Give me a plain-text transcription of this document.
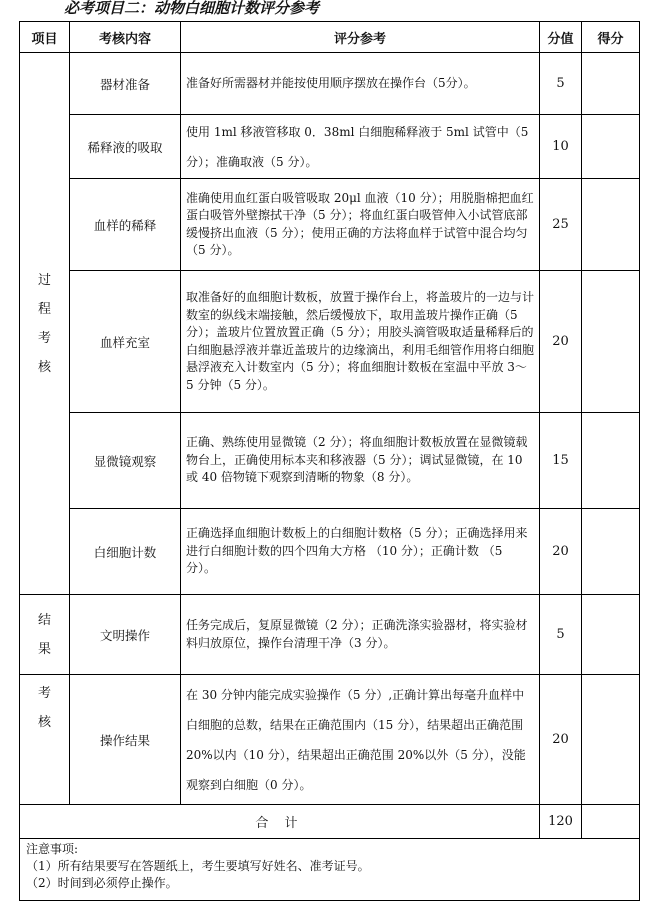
必考项目二：动物白细胞计数评分参考
项目	考核内容	评分参考	分值	得分

过
程
考
核	器材准备	准备好所需器材并能按使用顺序摆放在操作台（5分）。	5	
	稀释液的吸取	使用 1ml 移液管移取 0．38ml 白细胞稀释液于 5ml 试管中（5 分）；准确取液（5 分）。	10	
	血样的稀释	准确使用血红蛋白吸管吸取 20μl 血液（10 分）；用脱脂棉把血红蛋白吸管外壁擦拭干净（5 分）；将血红蛋白吸管伸入小试管底部缓慢挤出血液（5 分）；使用正确的方法将血样于试管中混合均匀（5 分）。	25	
	血样充室	取准备好的血细胞计数板，放置于操作台上，将盖玻片的一边与计数室的纵线末端接触，然后缓慢放下，取用盖玻片操作正确（5 分）；盖玻片位置放置正确（5 分）；用胶头滴管吸取适量稀释后的白细胞悬浮液并靠近盖玻片的边缘滴出，利用毛细管作用将白细胞悬浮液充入计数室内（5 分）；将血细胞计数板在室温中平放 3～5 分钟（5 分）。	20	
	显微镜观察	正确、熟练使用显微镜（2 分）；将血细胞计数板放置在显微镜载物台上，正确使用标本夹和移液器（5 分）；调试显微镜，在 10 或 40 倍物镜下观察到清晰的物象（8 分）。	15	
	白细胞计数	正确选择血细胞计数板上的白细胞计数格（5 分）；正确选择用来进行白细胞计数的四个四角大方格 （10 分）；正确计数 （5 分）。	20	

结
果	文明操作	任务完成后，复原显微镜（2 分）；正确洗涤实验器材，将实验材料归放原位，操作台清理干净（3 分）。	5	

考
核	操作结果	在 30 分钟内能完成实验操作（5 分）,正确计算出每毫升血样中白细胞的总数，结果在正确范围内（15 分），结果超出正确范围 20%以内（10 分），结果超出正确范围 20%以外（5 分），没能观察到白细胞（0 分）。	20	
合 计			120	

注意事项:
（1）所有结果要写在答题纸上，考生要填写好姓名、准考证号。
（2）时间到必须停止操作。				
